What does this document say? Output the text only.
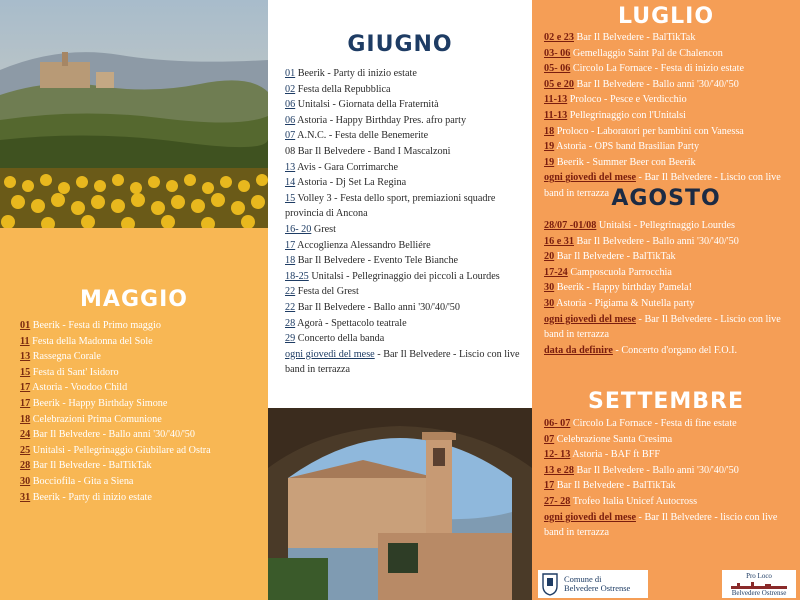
MAGGIO
01 Beerik - Festa di Primo maggio
11 Festa della Madonna del Sole
13 Rassegna Corale
15 Festa di Sant' Isidoro
17 Astoria - Voodoo Child
17 Beerik - Happy Birthday Simone
18 Celebrazioni Prima Comunione
24 Bar Il Belvedere - Ballo anni '30/'40/'50
25 Unitalsi - Pellegrinaggio Giubilare ad Ostra
28 Bar Il Belvedere - BalTikTak
30 Bocciofila - Gita a Siena
31 Beerik - Party di inizio estate
GIUGNO
01 Beerik - Party di inizio estate
02 Festa della Repubblica
06 Unitalsi - Giornata della Fraternità
06 Astoria - Happy Birthday Pres. afro party
07 A.N.C. - Festa delle Benemerite
08 Bar Il Belvedere - Band I Mascalzoni
13 Avis - Gara Corrimarche
14 Astoria - Dj Set La Regina
15 Volley 3 - Festa dello sport, premiazioni squadre provincia di Ancona
16- 20 Grest
17 Accoglienza Alessandro Belliére
18 Bar Il Belvedere - Evento Tele Bianche
18-25 Unitalsi - Pellegrinaggio dei piccoli a Lourdes
22 Festa del Grest
22 Bar Il Belvedere - Ballo anni '30/'40/'50
28 Agorà - Spettacolo teatrale
29 Concerto della banda
ogni giovedì del mese - Bar Il Belvedere - Liscio con live band in terrazza
LUGLIO
02 e 23 Bar Il Belvedere - BalTikTak
03- 06 Gemellaggio Saint Pal de Chalencon
05- 06 Circolo La Fornace - Festa di inizio estate
05 e 20 Bar Il Belvedere - Ballo anni '30/'40/'50
11-13 Proloco - Pesce e Verdicchio
11-13 Pellegrinaggio con l'Unitalsi
18 Proloco - Laboratori per bambini con Vanessa
19 Astoria - OPS band Brasilian Party
19 Beerik - Summer Beer con Beerik
ogni giovedì del mese - Bar Il Belvedere - Liscio con live band in terrazza AGOSTO
28/07 -01/08 Unitalsi - Pellegrinaggio Lourdes
16 e 31 Bar Il Belvedere - Ballo anni '30/'40/'50
20 Bar Il Belvedere - BalTikTak
17-24 Camposcuola Parrocchia
30 Beerik - Happy birthday Pamela!
30 Astoria - Pigiama & Nutella party
ogni giovedì del mese - Bar Il Belvedere - Liscio con live band in terrazza
data da definire - Concerto d'organo del F.O.I.
SETTEMBRE
06- 07 Circolo La Fornace - Festa di fine estate
07 Celebrazione Santa Cresima
12- 13 Astoria - BAF ft BFF
13 e 28 Bar Il Belvedere - Ballo anni '30/'40/'50
17 Bar Il Belvedere - BalTikTak
27- 28 Trofeo Italia Unicef Autocross
ogni giovedì del mese - Bar Il Belvedere - liscio con live band in terrazza
Comune di
Belvedere Ostrense
Pro Loco
Belvedere Ostrense
